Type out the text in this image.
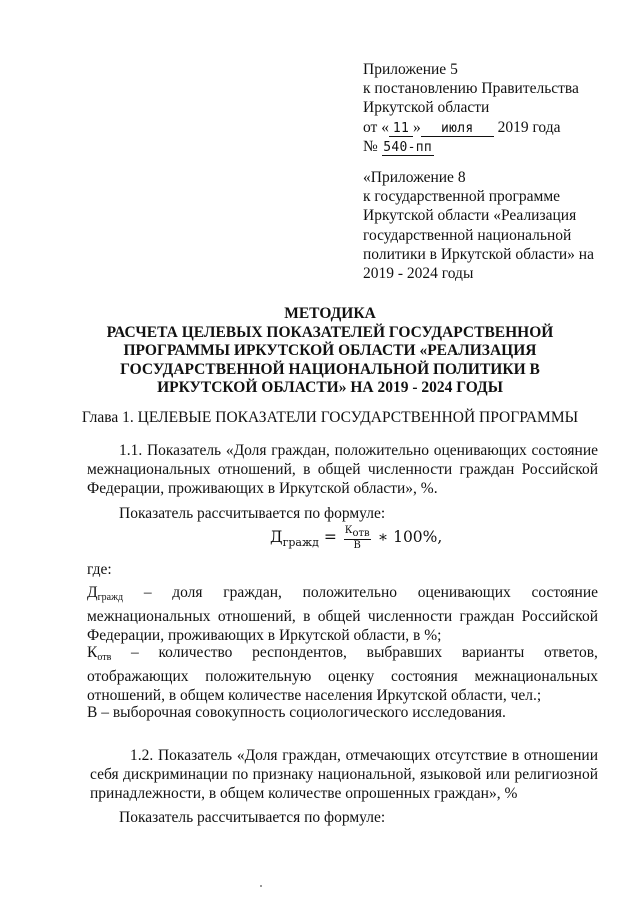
Приложение 5
к постановлению Правительства
Иркутской области
от « 11 » июля 2019 года
№ 540-пп
«Приложение 8
к государственной программе
Иркутской области «Реализация
государственной национальной
политики в Иркутской области» на
2019 - 2024 годы
МЕТОДИКА
РАСЧЕТА ЦЕЛЕВЫХ ПОКАЗАТЕЛЕЙ ГОСУДАРСТВЕННОЙ
ПРОГРАММЫ ИРКУТСКОЙ ОБЛАСТИ «РЕАЛИЗАЦИЯ
ГОСУДАРСТВЕННОЙ НАЦИОНАЛЬНОЙ ПОЛИТИКИ В
ИРКУТСКОЙ ОБЛАСТИ» НА 2019 - 2024 ГОДЫ
Глава 1. ЦЕЛЕВЫЕ ПОКАЗАТЕЛИ ГОСУДАРСТВЕННОЙ ПРОГРАММЫ
1.1. Показатель «Доля граждан, положительно оценивающих состояние межнациональных отношений, в общей численности граждан Российской Федерации, проживающих в Иркутской области», %.
Показатель рассчитывается по формуле:
$Д_{гражд} = \frac{\text{Котв}}{В}$ ∗ 100%,
где:
$Д_{гражд}$ – доля граждан, положительно оценивающих состояние
межнациональных отношений, в общей численности граждан Российской Федерации, проживающих в Иркутской области, в %;
$К_{отв}$ – количество респондентов, выбравших варианты ответов,
отображающих положительную оценку состояния межнациональных отношений, в общем количестве населения Иркутской области, чел.;
В – выборочная совокупность социологического исследования.
1.2. Показатель «Доля граждан, отмечающих отсутствие в отношении себя дискриминации по признаку национальной, языковой или религиозной принадлежности, в общем количестве опрошенных граждан», %
Показатель рассчитывается по формуле:
